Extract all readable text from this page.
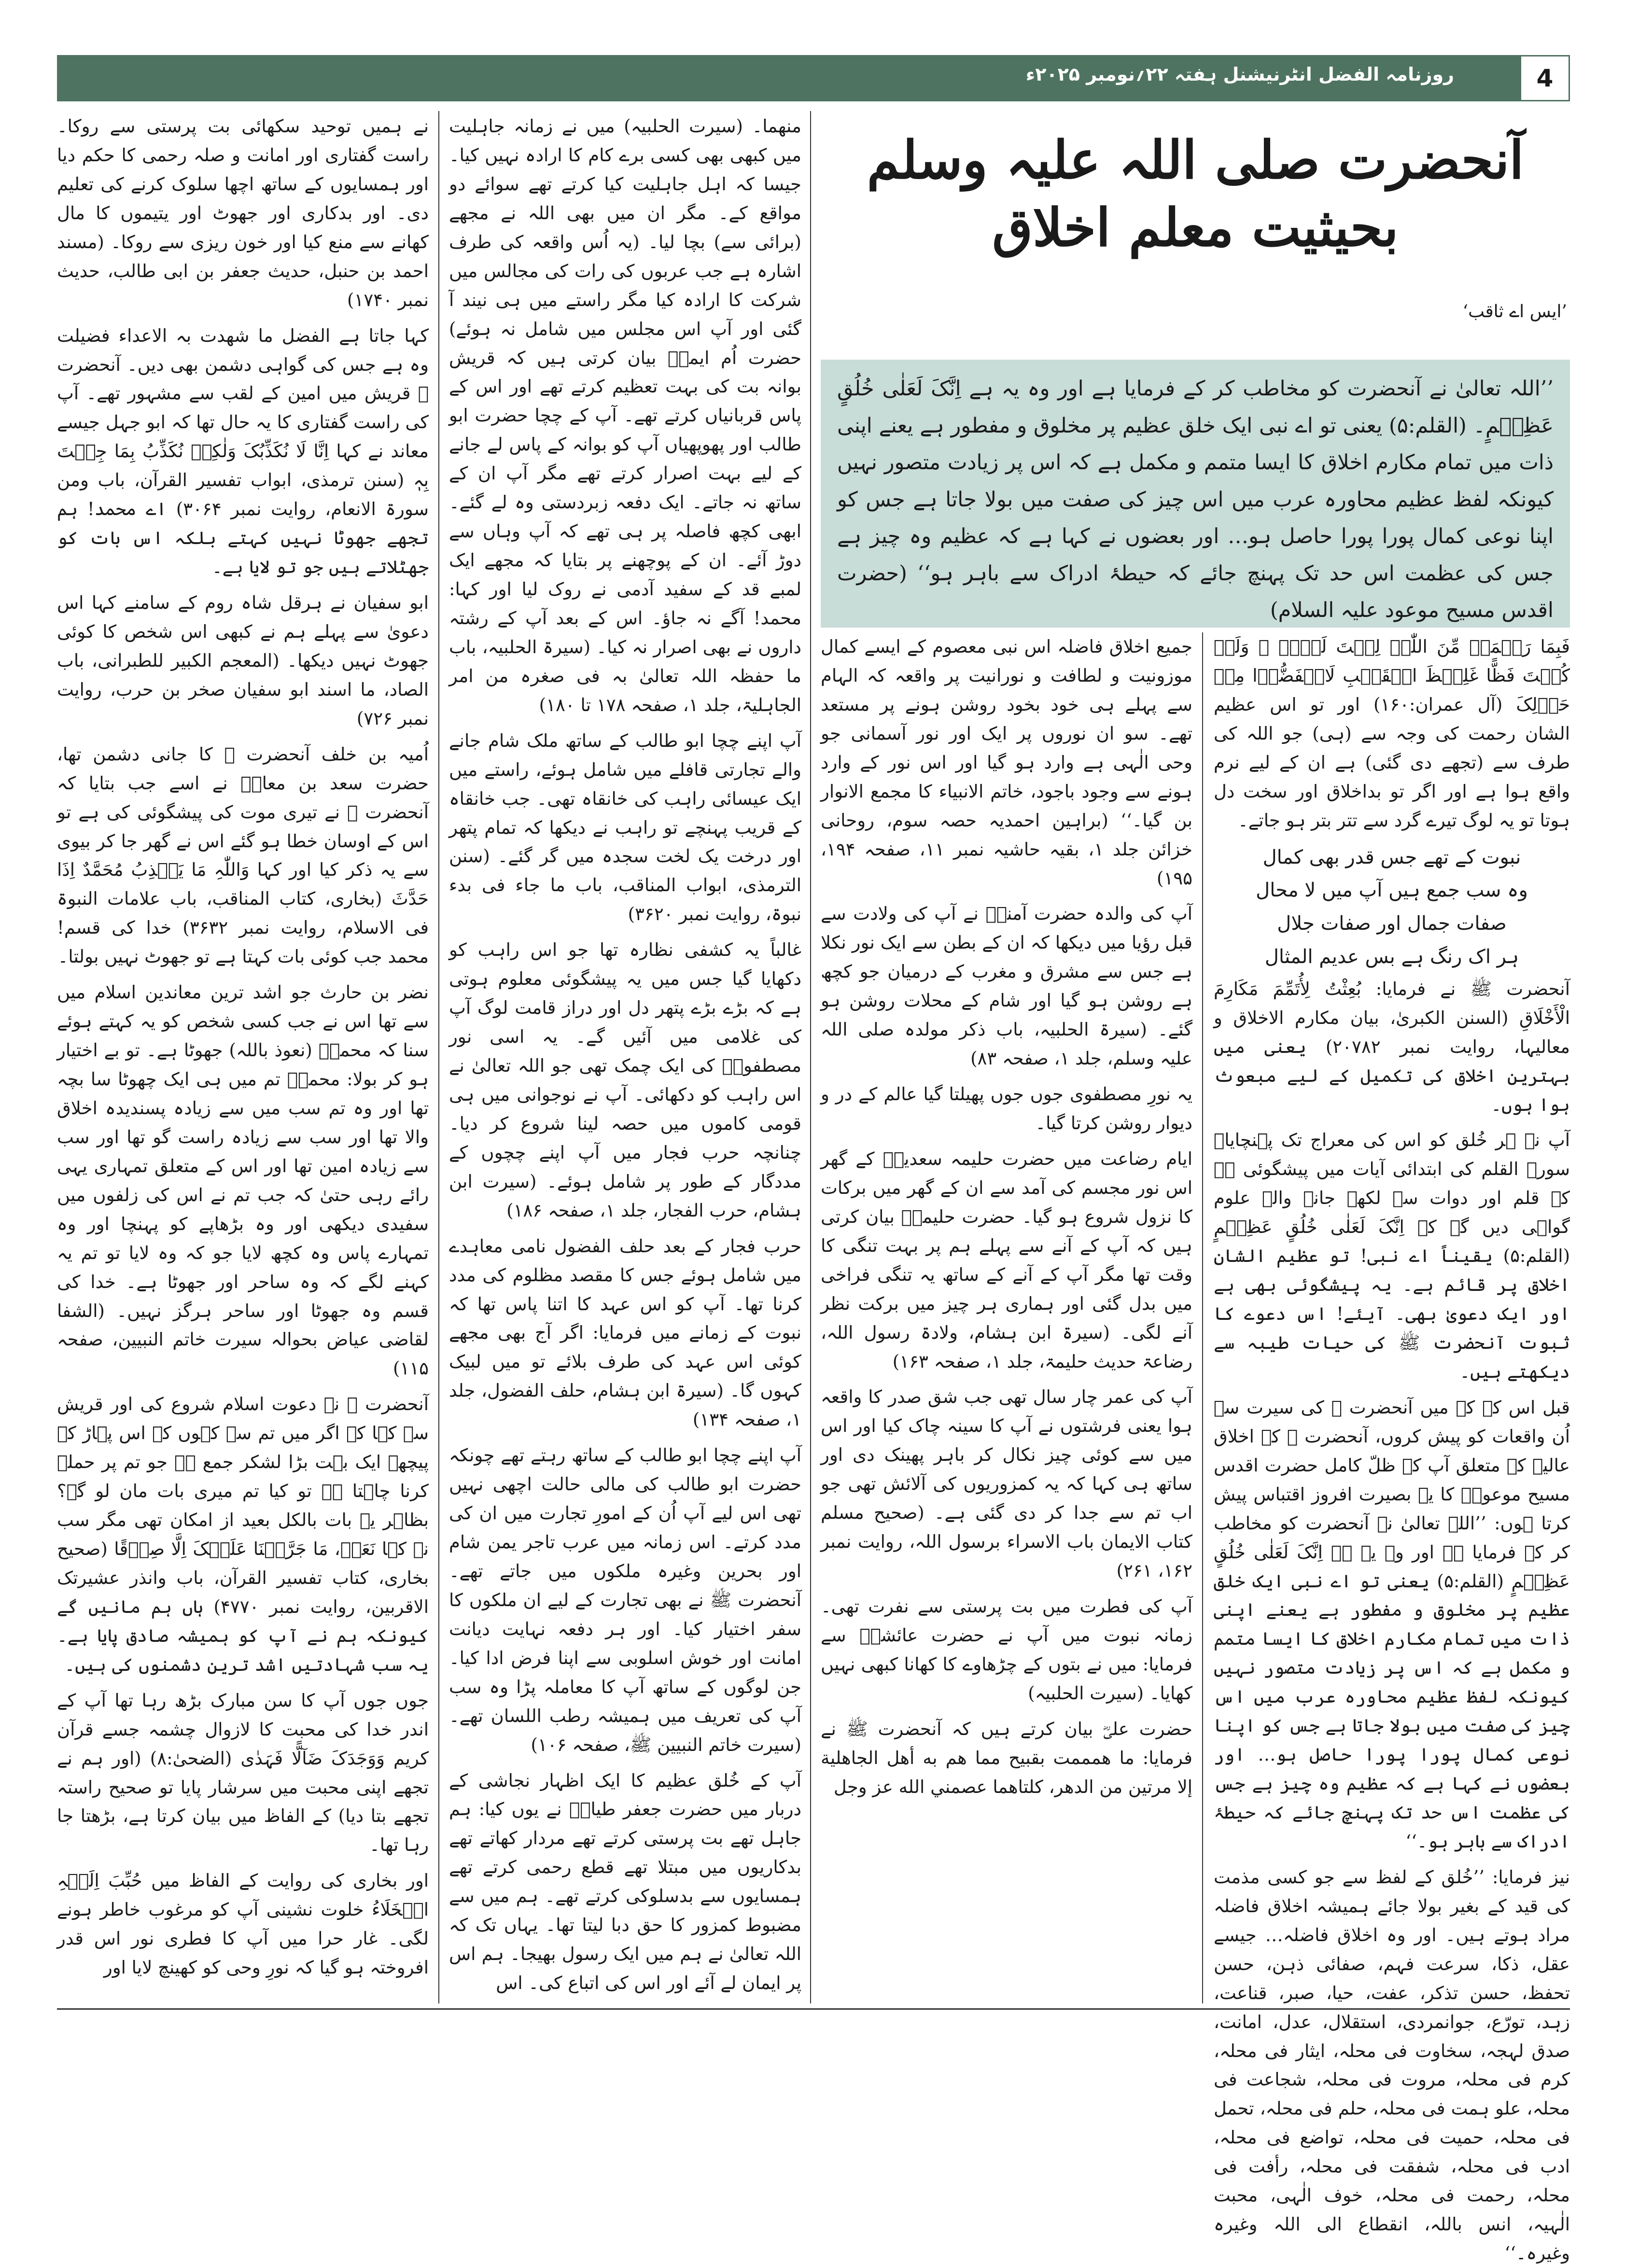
روزنامہ الفضل انٹرنیشنل ہفتہ ۲۲؍نومبر ۲۰۲۵ء	4
آنحضرت صلی اللہ علیہ وسلم بحیثیت معلم اخلاق
’ایس اے ثاقب‘

’’اللہ تعالیٰ نے آنحضرت کو مخاطب کر کے فرمایا ہے اور وہ یہ ہے اِنَّکَ لَعَلٰی خُلُقٍ عَظِیۡمٍ۔ (القلم:۵) یعنی تو اے نبی ایک خلق عظیم پر مخلوق و مفطور ہے یعنے اپنی ذات میں تمام مکارم اخلاق کا ایسا متمم و مکمل ہے کہ اس پر زیادت متصور نہیں کیونکہ لفظ عظیم محاورہ عرب میں اس چیز کی صفت میں بولا جاتا ہے جس کو اپنا نوعی کمال پورا پورا حاصل ہو… اور بعضوں نے کہا ہے کہ عظیم وہ چیز ہے جس کی عظمت اس حد تک پہنچ جائے کہ حیطۂ ادراک سے باہر ہو‘‘ (حضرت اقدس مسیح موعود علیہ السلام)

فَبِمَا رَحۡمَۃٍ مِّنَ اللّٰہِ لِنۡتَ لَہُمۡ ۚ وَلَوۡ کُنۡتَ فَظًّا غَلِیۡظَ الۡقَلۡبِ لَانۡفَضُّوۡا مِنۡ حَوۡلِکَ (آل عمران:۱۶۰) اور تو اس عظیم الشان رحمت کی وجہ سے (ہی) جو اللہ کی طرف سے (تجھے دی گئی) ہے ان کے لیے نرم واقع ہوا ہے اور اگر تو بداخلاق اور سخت دل ہوتا تو یہ لوگ تیرے گرد سے تتر بتر ہو جاتے۔

نبوت کے تھے جس قدر بھی کمال

وہ سب جمع ہیں آپ میں لا محال

صفات جمال اور صفات جلال

ہر اک رنگ ہے بس عدیم المثال

آنحضرت ﷺ نے فرمایا: بُعِثْتُ لِأُتَمِّمَ مَكَارِمَ الْأَخْلَاقِ (السنن الکبریٰ، بیان مکارم الاخلاق و معالیہا، روایت نمبر ۲۰۷۸۲) یعنی میں بہترین اخلاق کی تکمیل کے لیے مبعوث ہوا ہوں۔

آپ نے ہر خُلق کو اس کی معراج تک پہنچایا۔ سورۃ القلم کی ابتدائی آیات میں پیشگوئی ہے کہ قلم اور دوات سے لکھے جانے والے علوم گواہی دیں گے کہ اِنَّکَ لَعَلٰی خُلُقٍ عَظِیۡمٍ (القلم:۵) یقیناً اے نبی! تو عظیم الشان اخلاق پر قائم ہے۔ یہ پیشگوئی بھی ہے اور ایک دعویٰ بھی۔ آیئے! اس دعوے کا ثبوت آنحضرت ﷺ کی حیات طیبہ سے دیکھتے ہیں۔

قبل اس کے کہ میں آنحضرت ﷺ کی سیرت سے اُن واقعات کو پیش کروں، آنحضرت ﷺ کے اخلاق عالیہ کے متعلق آپ کے ظلّ کامل حضرت اقدس مسیح موعودؑ کا یہ بصیرت افروز اقتباس پیش کرتا ہوں: ’’اللہ تعالیٰ نے آنحضرت کو مخاطب کر کے فرمایا ہے اور وہ یہ ہے اِنَّکَ لَعَلٰی خُلُقٍ عَظِیۡمٍ (القلم:۵) یعنی تو اے نبی ایک خلق عظیم پر مخلوق و مفطور ہے یعنے اپنی ذات میں تمام مکارم اخلاق کا ایسا متمم و مکمل ہے کہ اس پر زیادت متصور نہیں کیونکہ لفظ عظیم محاورہ عرب میں اس چیز کی صفت میں بولا جاتا ہے جس کو اپنا نوعی کمال پورا پورا حاصل ہو… اور بعضوں نے کہا ہے کہ عظیم وہ چیز ہے جس کی عظمت اس حد تک پہنچ جائے کہ حیطۂ ادراک سے باہر ہو۔‘‘

نیز فرمایا: ’’خُلق کے لفظ سے جو کسی مذمت کی قید کے بغیر بولا جائے ہمیشہ اخلاق فاضلہ مراد ہوتے ہیں۔ اور وہ اخلاق فاضلہ… جیسے عقل، ذکا، سرعت فہم، صفائی ذہن، حسن تحفظ، حسن تذکر، عفت، حیا، صبر، قناعت، زہد، تورّع، جوانمردی، استقلال، عدل، امانت، صدق لہجہ، سخاوت فی محلہ، ایثار فی محلہ، کرم فی محلہ، مروت فی محلہ، شجاعت فی محلہ، علو ہمت فی محلہ، حلم فی محلہ، تحمل فی محلہ، حمیت فی محلہ، تواضع فی محلہ، ادب فی محلہ، شفقت فی محلہ، رأفت فی محلہ، رحمت فی محلہ، خوف الٰہی، محبت الٰہیہ، انس باللہ، انقطاع الی اللہ وغیرہ وغیرہ۔‘‘

جمیع اخلاق فاضلہ اس نبی معصوم کے ایسے کمال موزونیت و لطافت و نورانیت پر واقعہ کہ الہام سے پہلے ہی خود بخود روشن ہونے پر مستعد تھے۔ سو ان نوروں پر ایک اور نور آسمانی جو وحی الٰہی ہے وارد ہو گیا اور اس نور کے وارد ہونے سے وجود باجود، خاتم الانبیاء کا مجمع الانوار بن گیا۔‘‘ (براہین احمدیہ حصہ سوم، روحانی خزائن جلد ۱، بقیہ حاشیہ نمبر ۱۱، صفحہ ۱۹۴، ۱۹۵)

آپ کی والدہ حضرت آمنہؓ نے آپ کی ولادت سے قبل رؤیا میں دیکھا کہ ان کے بطن سے ایک نور نکلا ہے جس سے مشرق و مغرب کے درمیان جو کچھ ہے روشن ہو گیا اور شام کے محلات روشن ہو گئے۔ (سیرۃ الحلبیہ، باب ذکر مولدہ صلی اللہ علیہ وسلم، جلد ۱، صفحہ ۸۳)

یہ نورِ مصطفوی جوں جوں پھیلتا گیا عالم کے در و دیوار روشن کرتا گیا۔

ایام رضاعت میں حضرت حلیمہ سعدیہؓ کے گھر اس نور مجسم کی آمد سے ان کے گھر میں برکات کا نزول شروع ہو گیا۔ حضرت حلیمہؓ بیان کرتی ہیں کہ آپ کے آنے سے پہلے ہم پر بہت تنگی کا وقت تھا مگر آپ کے آنے کے ساتھ یہ تنگی فراخی میں بدل گئی اور ہماری ہر چیز میں برکت نظر آنے لگی۔ (سیرۃ ابن ہشام، ولادۃ رسول اللہ، رضاعۃ حدیث حلیمۃ، جلد ۱، صفحہ ۱۶۳)

آپ کی عمر چار سال تھی جب شق صدر کا واقعہ ہوا یعنی فرشتوں نے آپ کا سینہ چاک کیا اور اس میں سے کوئی چیز نکال کر باہر پھینک دی اور ساتھ ہی کہا کہ یہ کمزوریوں کی آلائش تھی جو اب تم سے جدا کر دی گئی ہے۔ (صحیح مسلم کتاب الایمان باب الاسراء برسول اللہ، روایت نمبر ۱۶۲، ۲۶۱)

آپ کی فطرت میں بت پرستی سے نفرت تھی۔ زمانہ نبوت میں آپ نے حضرت عائشہؓ سے فرمایا: میں نے بتوں کے چڑھاوے کا کھانا کبھی نہیں کھایا۔ (سیرت الحلبیہ)

حضرت علیؓ بیان کرتے ہیں کہ آنحضرت ﷺ نے فرمایا: ما همممت بقبيح مما هم به أهل الجاهلية إلا مرتين من الدهر، كلتاهما عصمني الله عز وجل

منھما۔ (سیرت الحلبیہ) میں نے زمانہ جاہلیت میں کبھی بھی کسی برے کام کا ارادہ نہیں کیا۔ جیسا کہ اہل جاہلیت کیا کرتے تھے سوائے دو مواقع کے۔ مگر ان میں بھی اللہ نے مجھے (برائی سے) بچا لیا۔ (یہ اُس واقعہ کی طرف اشارہ ہے جب عربوں کی رات کی مجالس میں شرکت کا ارادہ کیا مگر راستے میں ہی نیند آ گئی اور آپ اس مجلس میں شامل نہ ہوئے) حضرت اُم ایمنؓ بیان کرتی ہیں کہ قریش بوانہ بت کی بہت تعظیم کرتے تھے اور اس کے پاس قربانیاں کرتے تھے۔ آپ کے چچا حضرت ابو طالب اور پھوپھیاں آپ کو بوانہ کے پاس لے جانے کے لیے بہت اصرار کرتے تھے مگر آپ ان کے ساتھ نہ جاتے۔ ایک دفعہ زبردستی وہ لے گئے۔ ابھی کچھ فاصلہ پر ہی تھے کہ آپ وہاں سے دوڑ آئے۔ ان کے پوچھنے پر بتایا کہ مجھے ایک لمبے قد کے سفید آدمی نے روک لیا اور کہا: محمد! آگے نہ جاؤ۔ اس کے بعد آپ کے رشتہ داروں نے بھی اصرار نہ کیا۔ (سیرۃ الحلبیہ، باب ما حفظہ اللہ تعالیٰ بہ فی صغرہ من امر الجاہلیۃ، جلد ۱، صفحہ ۱۷۸ تا ۱۸۰)

آپ اپنے چچا ابو طالب کے ساتھ ملک شام جانے والے تجارتی قافلے میں شامل ہوئے، راستے میں ایک عیسائی راہب کی خانقاہ تھی۔ جب خانقاہ کے قریب پہنچے تو راہب نے دیکھا کہ تمام پتھر اور درخت یک لخت سجدہ میں گر گئے۔ (سنن الترمذی، ابواب المناقب، باب ما جاء فی بدء نبوۃ، روایت نمبر ۳۶۲۰)

غالباً یہ کشفی نظارہ تھا جو اس راہب کو دکھایا گیا جس میں یہ پیشگوئی معلوم ہوتی ہے کہ بڑے بڑے پتھر دل اور دراز قامت لوگ آپ کی غلامی میں آئیں گے۔ یہ اسی نور مصطفویؐ کی ایک چمک تھی جو اللہ تعالیٰ نے اس راہب کو دکھائی۔ آپ نے نوجوانی میں ہی قومی کاموں میں حصہ لینا شروع کر دیا۔ چنانچہ حرب فجار میں آپ اپنے چچوں کے مددگار کے طور پر شامل ہوئے۔ (سیرت ابن ہشام، حرب الفجار، جلد ۱، صفحہ ۱۸۶)

حرب فجار کے بعد حلف الفضول نامی معاہدے میں شامل ہوئے جس کا مقصد مظلوم کی مدد کرنا تھا۔ آپ کو اس عہد کا اتنا پاس تھا کہ نبوت کے زمانے میں فرمایا: اگر آج بھی مجھے کوئی اس عہد کی طرف بلائے تو میں لبیک کہوں گا۔ (سیرۃ ابن ہشام، حلف الفضول، جلد ۱، صفحہ ۱۳۴)

آپ اپنے چچا ابو طالب کے ساتھ رہتے تھے چونکہ حضرت ابو طالب کی مالی حالت اچھی نہیں تھی اس لیے آپ اُن کے امورِ تجارت میں ان کی مدد کرتے۔ اس زمانہ میں عرب تاجر یمن شام اور بحرین وغیرہ ملکوں میں جاتے تھے۔ آنحضرت ﷺ نے بھی تجارت کے لیے ان ملکوں کا سفر اختیار کیا۔ اور ہر دفعہ نہایت دیانت امانت اور خوش اسلوبی سے اپنا فرض ادا کیا۔ جن لوگوں کے ساتھ آپ کا معاملہ پڑا وہ سب آپ کی تعریف میں ہمیشہ رطب اللسان تھے۔ (سیرت خاتم النبیین ﷺ، صفحہ ۱۰۶)

آپ کے خُلق عظیم کا ایک اظہار نجاشی کے دربار میں حضرت جعفر طیارؓ نے یوں کیا: ہم جاہل تھے بت پرستی کرتے تھے مردار کھاتے تھے بدکاریوں میں مبتلا تھے قطع رحمی کرتے تھے ہمسایوں سے بدسلوکی کرتے تھے۔ ہم میں سے مضبوط کمزور کا حق دبا لیتا تھا۔ یہاں تک کہ اللہ تعالیٰ نے ہم میں ایک رسول بھیجا۔ ہم اس پر ایمان لے آئے اور اس کی اتباع کی۔ اس

نے ہمیں توحید سکھائی بت پرستی سے روکا۔ راست گفتاری اور امانت و صلہ رحمی کا حکم دیا اور ہمسایوں کے ساتھ اچھا سلوک کرنے کی تعلیم دی۔ اور بدکاری اور جھوٹ اور یتیموں کا مال کھانے سے منع کیا اور خون ریزی سے روکا۔ (مسند احمد بن حنبل، حدیث جعفر بن ابی طالب، حدیث نمبر ۱۷۴۰)

کہا جاتا ہے الفضل ما شھدت بہ الاعداء فضیلت وہ ہے جس کی گواہی دشمن بھی دیں۔ آنحضرت ﷺ قریش میں امین کے لقب سے مشہور تھے۔ آپ کی راست گفتاری کا یہ حال تھا کہ ابو جہل جیسے معاند نے کہا اِنَّا لَا نُکَذِّبُکَ وَلٰکِنۡ نُکَذِّبُ بِمَا جِئۡتَ بِہٖ (سنن ترمذی، ابواب تفسیر القرآن، باب ومن سورۃ الانعام، روایت نمبر ۳۰۶۴) اے محمد! ہم تجھے جھوٹا نہیں کہتے بلکہ اس بات کو جھٹلاتے ہیں جو تو لایا ہے۔

ابو سفیان نے ہرقل شاہ روم کے سامنے کہا اس دعویٰ سے پہلے ہم نے کبھی اس شخص کا کوئی جھوٹ نہیں دیکھا۔ (المعجم الکبیر للطبرانی، باب الصاد، ما اسند ابو سفیان صخر بن حرب، روایت نمبر ۷۲۶)

اُمیہ بن خلف آنحضرت ﷺ کا جانی دشمن تھا، حضرت سعد بن معاذؓ نے اسے جب بتایا کہ آنحضرت ﷺ نے تیری موت کی پیشگوئی کی ہے تو اس کے اوسان خطا ہو گئے اس نے گھر جا کر بیوی سے یہ ذکر کیا اور کہا وَاللّٰہِ مَا یَکۡذِبُ مُحَمَّدٌ اِذَا حَدَّثَ (بخاری، کتاب المناقب، باب علامات النبوۃ فی الاسلام، روایت نمبر ۳۶۳۲) خدا کی قسم! محمد جب کوئی بات کہتا ہے تو جھوٹ نہیں بولتا۔

نضر بن حارث جو اشد ترین معاندین اسلام میں سے تھا اس نے جب کسی شخص کو یہ کہتے ہوئے سنا کہ محمدؐ (نعوذ باللہ) جھوٹا ہے۔ تو بے اختیار ہو کر بولا: محمدؐ تم میں ہی ایک چھوٹا سا بچہ تھا اور وہ تم سب میں سے زیادہ پسندیدہ اخلاق والا تھا اور سب سے زیادہ راست گو تھا اور سب سے زیادہ امین تھا اور اس کے متعلق تمہاری یہی رائے رہی حتیٰ کہ جب تم نے اس کی زلفوں میں سفیدی دیکھی اور وہ بڑھاپے کو پہنچا اور وہ تمہارے پاس وہ کچھ لایا جو کہ وہ لایا تو تم یہ کہنے لگے کہ وہ ساحر اور جھوٹا ہے۔ خدا کی قسم وہ جھوٹا اور ساحر ہرگز نہیں۔ (الشفا لقاضی عیاض بحوالہ سیرت خاتم النبیین، صفحہ ۱۱۵)

آنحضرت ﷺ نے دعوت اسلام شروع کی اور قریش سے کہا کہ اگر میں تم سے کہوں کہ اس پہاڑ کے پیچھے ایک بہت بڑا لشکر جمع ہے جو تم پر حملہ کرنا چاہتا ہے تو کیا تم میری بات مان لو گے؟ بظاہر یہ بات بالکل بعید از امکان تھی مگر سب نے کہا نَعَمۡ، مَا جَرَّبۡنَا عَلَیۡکَ اِلَّا صِدۡقًا (صحیح بخاری، کتاب تفسیر القرآن، باب وانذر عشیرتک الاقربین، روایت نمبر ۴۷۷۰) ہاں ہم مانیں گے کیونکہ ہم نے آپ کو ہمیشہ صادق پایا ہے۔ یہ سب شہادتیں اشد ترین دشمنوں کی ہیں۔

جوں جوں آپ کا سن مبارک بڑھ رہا تھا آپ کے اندر خدا کی محبت کا لازوال چشمہ جسے قرآن کریم وَوَجَدَکَ ضَآلًّا فَہَدٰی (الضحیٰ:۸) (اور ہم نے تجھے اپنی محبت میں سرشار پایا تو صحیح راستہ تجھے بتا دیا) کے الفاظ میں بیان کرتا ہے، بڑھتا جا رہا تھا۔

اور بخاری کی روایت کے الفاظ میں حُبِّبَ اِلَیۡہِ الۡخَلَاءُ خلوت نشینی آپ کو مرغوب خاطر ہونے لگی۔ غار حرا میں آپ کا فطری نور اس قدر افروختہ ہو گیا کہ نورِ وحی کو کھینچ لایا اور
